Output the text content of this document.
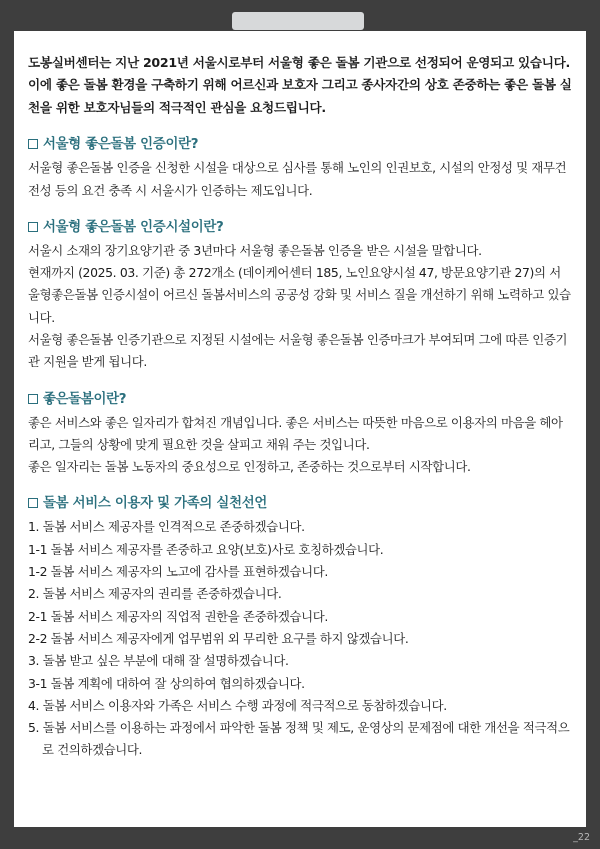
도봉실버센터는 지난 2021년 서울시로부터 서울형 좋은 돌봄 기관으로 선정되어 운영되고 있습니다. 이에 좋은 돌봄 환경을 구축하기 위해 어르신과 보호자 그리고 종사자간의 상호 존중하는 좋은 돌봄 실천을 위한 보호자님들의 적극적인 관심을 요청드립니다.

서울형 좋은돌봄 인증이란?

서울형 좋은돌봄 인증을 신청한 시설을 대상으로 심사를 통해 노인의 인권보호, 시설의 안정성 및 재무건전성 등의 요건 충족 시 서울시가 인증하는 제도입니다.

서울형 좋은돌봄 인증시설이란?

서울시 소재의 장기요양기관 중 3년마다 서울형 좋은돌봄 인증을 받은 시설을 말합니다.

현재까지 (2025. 03. 기준) 총 272개소 (데이케어센터 185, 노인요양시설 47, 방문요양기관 27)의 서울형좋은돌봄 인증시설이 어르신 돌봄서비스의 공공성 강화 및 서비스 질을 개선하기 위해 노력하고 있습니다.

서울형 좋은돌봄 인증기관으로 지정된 시설에는 서울형 좋은돌봄 인증마크가 부여되며 그에 따른 인증기관 지원을 받게 됩니다.

좋은돌봄이란?

좋은 서비스와 좋은 일자리가 합쳐진 개념입니다. 좋은 서비스는 따뜻한 마음으로 이용자의 마음을 헤아리고, 그들의 상황에 맞게 필요한 것을 살피고 채워 주는 것입니다.

좋은 일자리는 돌봄 노동자의 중요성으로 인정하고, 존중하는 것으로부터 시작합니다.

돌봄 서비스 이용자 및 가족의 실천선언
1. 돌봄 서비스 제공자를 인격적으로 존중하겠습니다.
1-1 돌봄 서비스 제공자를 존중하고 요양(보호)사로 호칭하겠습니다.
1-2 돌봄 서비스 제공자의 노고에 감사를 표현하겠습니다.
2. 돌봄 서비스 제공자의 권리를 존중하겠습니다.
2-1 돌봄 서비스 제공자의 직업적 권한을 존중하겠습니다.
2-2 돌봄 서비스 제공자에게 업무범위 외 무리한 요구를 하지 않겠습니다.
3. 돌봄 받고 싶은 부분에 대해 잘 설명하겠습니다.
3-1 돌봄 계획에 대하여 잘 상의하여 협의하겠습니다.
4. 돌봄 서비스 이용자와 가족은 서비스 수행 과정에 적극적으로 동참하겠습니다.
5. 돌봄 서비스를 이용하는 과정에서 파악한 돌봄 정책 및 제도, 운영상의 문제점에 대한 개선을 적극적으로 건의하겠습니다.
_22
